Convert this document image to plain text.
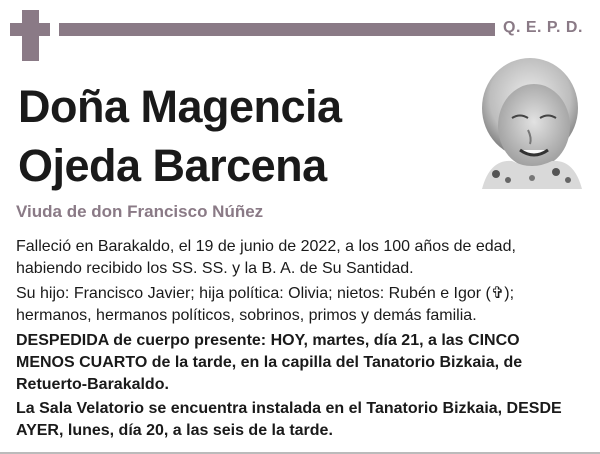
Q. E. P. D.
Doña Magencia
Ojeda Barcena
Viuda de don Francisco Núñez

Falleció en Barakaldo, el 19 de junio de 2022, a los 100 años de edad, habiendo recibido los SS. SS. y la B. A. de Su Santidad.

Su hijo: Francisco Javier; hija política: Olivia; nietos: Rubén e Igor (✞); hermanos, hermanos políticos, sobrinos, primos y demás familia.

DESPEDIDA de cuerpo presente: HOY, martes, día 21, a las CINCO MENOS CUARTO de la tarde, en la capilla del Tanatorio Bizkaia, de Retuerto-Barakaldo.

La Sala Velatorio se encuentra instalada en el Tanatorio Bizkaia, DESDE AYER, lunes, día 20, a las seis de la tarde.
